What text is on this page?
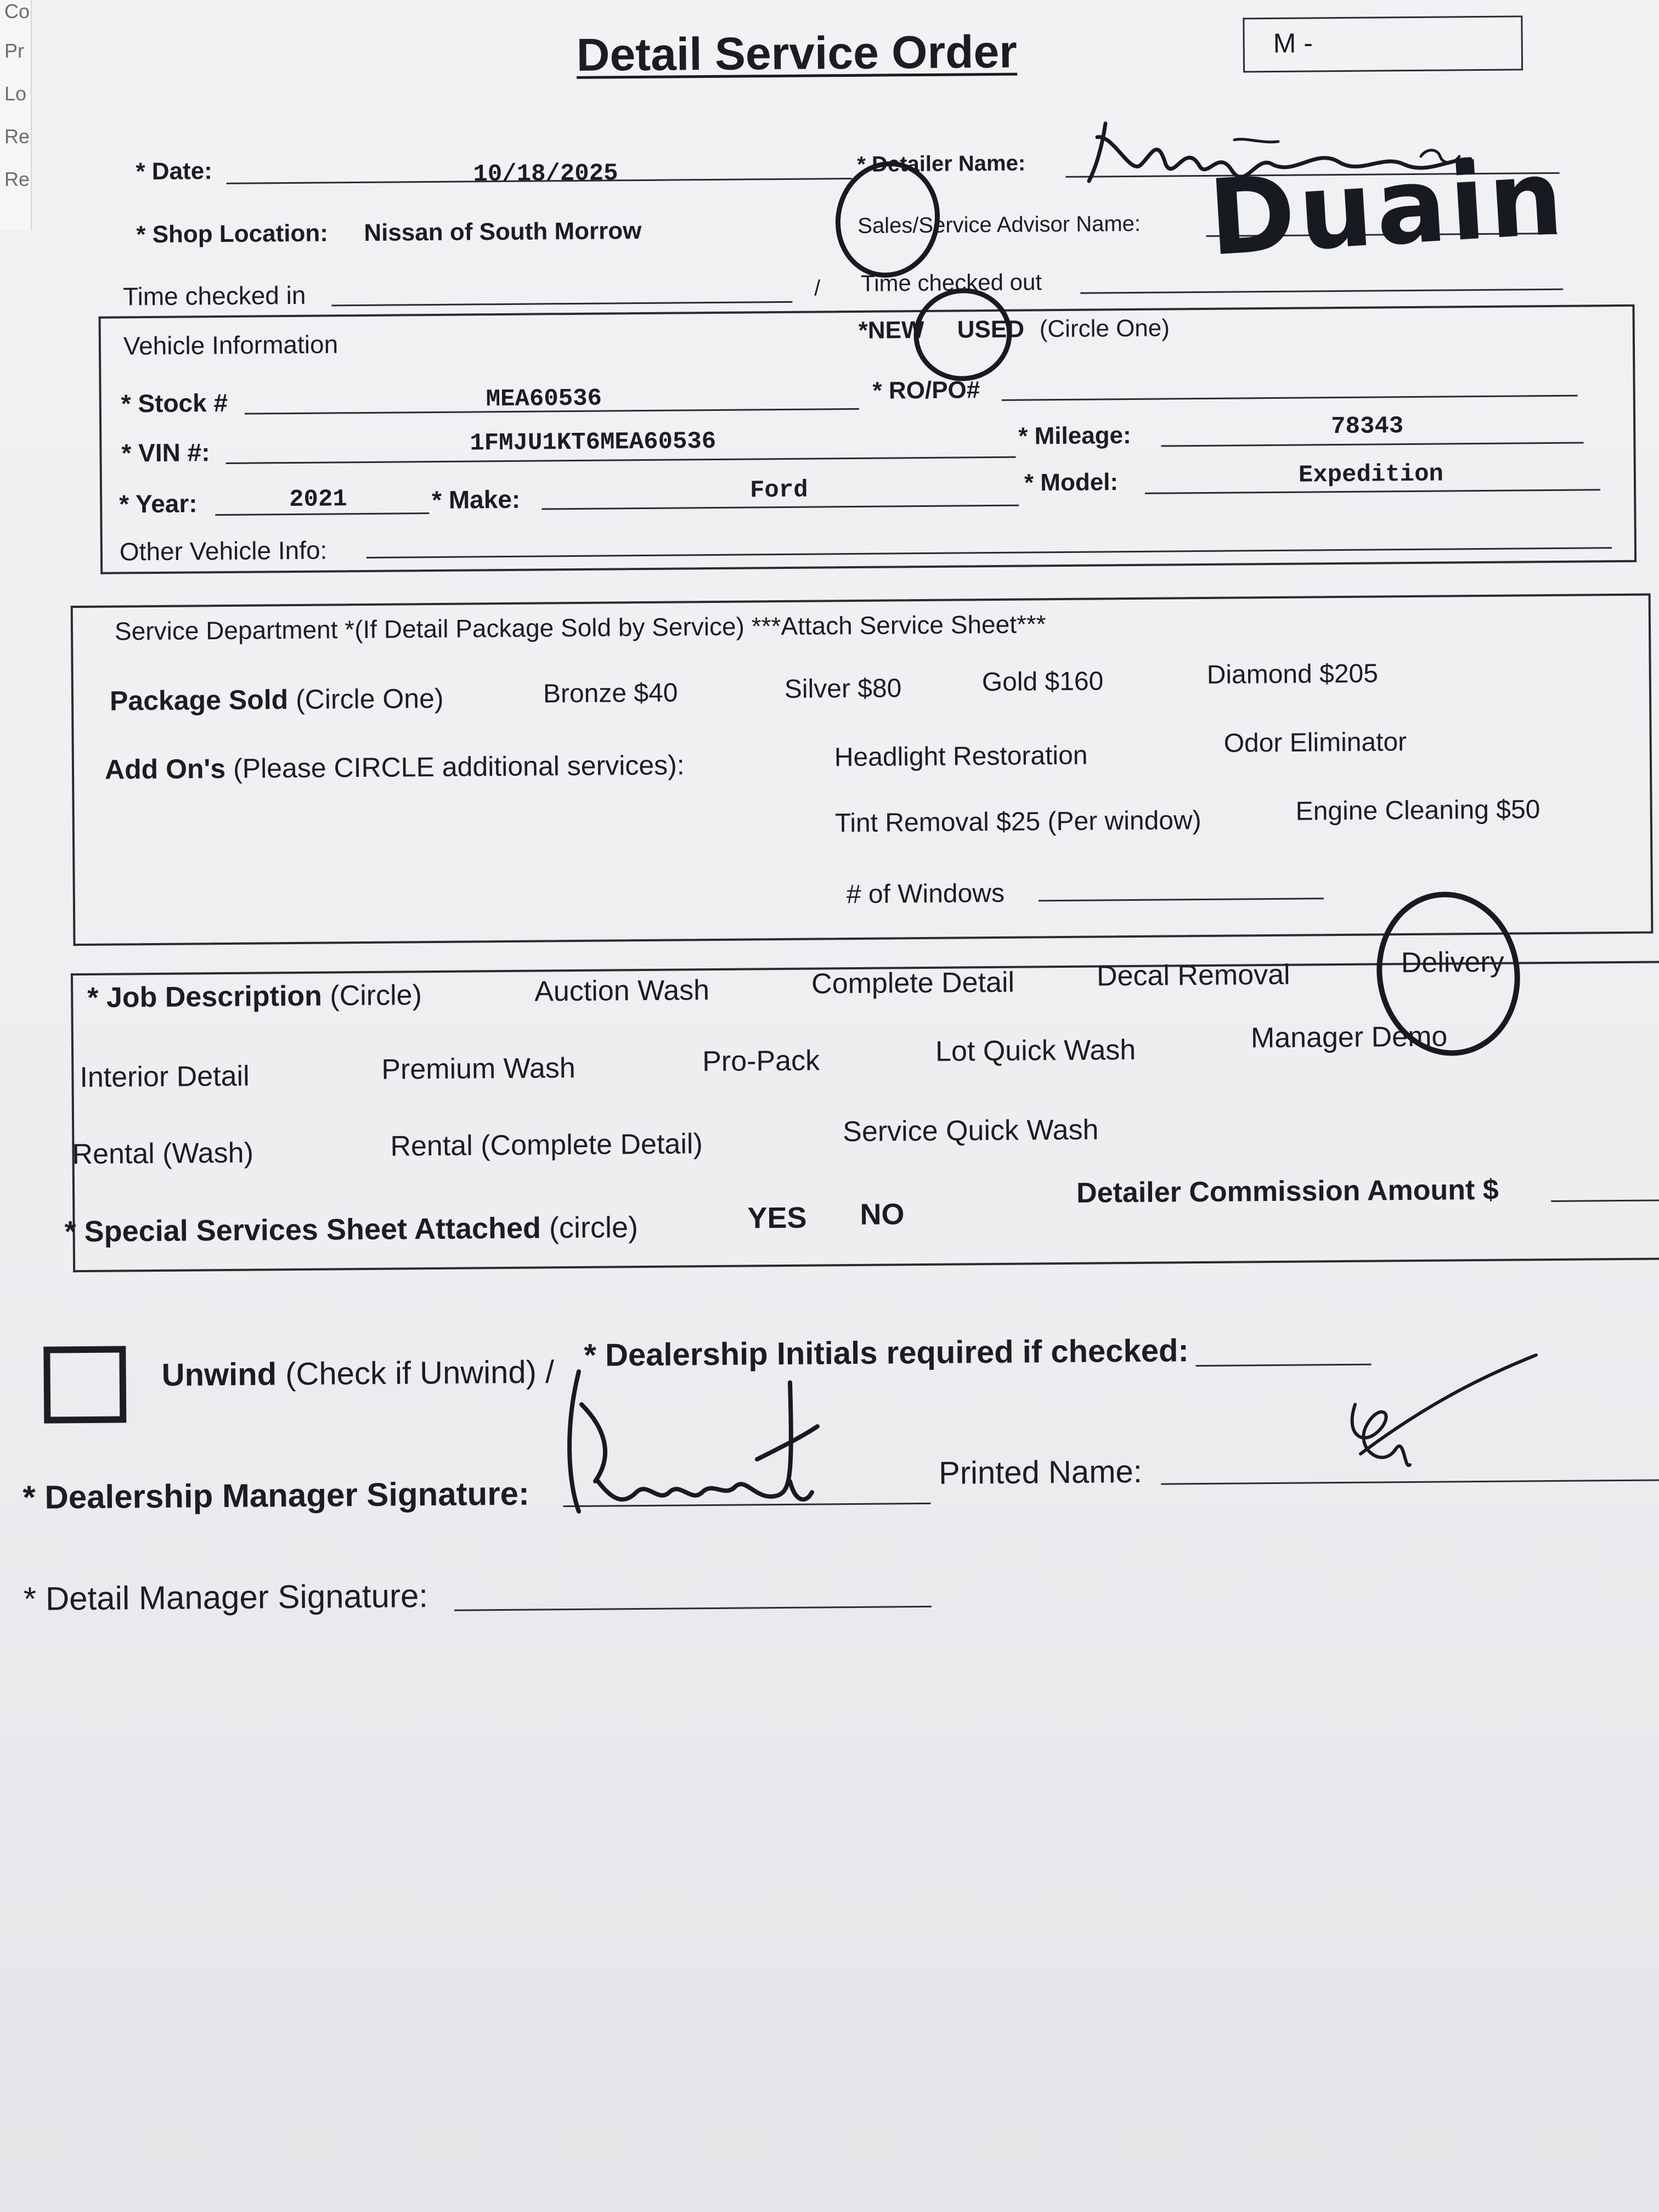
Co
Pr
Lo
Re
Re
Detail Service Order	M -
* Date:	10/18/2025	* Detailer Name:
* Shop Location: Nissan of South Morrow	Sales/Service Advisor Name: Duain
Time checked in	/ Time checked out
Vehicle Information	*NEW USED (Circle One)
* Stock #	MEA60536	* RO/PO#
* VIN #:	1FMJU1KT6MEA60536	* Mileage:	78343
* Year:	2021	* Make:	Ford	* Model:	Expedition
Other Vehicle Info:
Service Department *(If Detail Package Sold by Service) ***Attach Service Sheet***
Package Sold (Circle One)	Bronze $40	Silver $80	Gold $160	Diamond $205
Add On's (Please CIRCLE additional services):	Headlight Restoration	Odor Eliminator
Tint Removal $25 (Per window)	Engine Cleaning $50
# of Windows
* Job Description (Circle)	Auction Wash	Complete Detail	Decal Removal	Delivery
Interior Detail	Premium Wash	Pro-Pack	Lot Quick Wash	Manager Demo
Rental (Wash)	Rental (Complete Detail)	Service Quick Wash
* Special Services Sheet Attached (circle)	YES NO
Detailer Commission Amount $
Unwind (Check if Unwind) / * Dealership Initials required if checked:
* Dealership Manager Signature:
Printed Name:
* Detail Manager Signature:
